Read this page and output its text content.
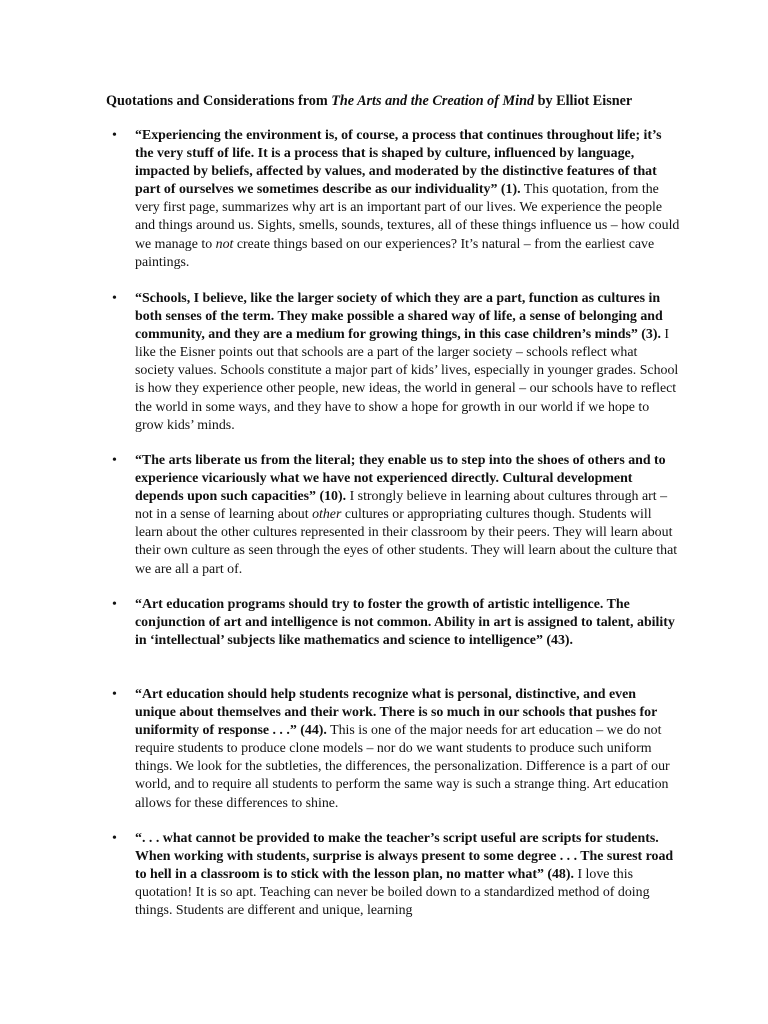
Quotations and Considerations from The Arts and the Creation of Mind by Elliot Eisner
•	“Experiencing the environment is, of course, a process that continues throughout life; it’s the very stuff of life. It is a process that is shaped by culture, influenced by language, impacted by beliefs, affected by values, and moderated by the distinctive features of that part of ourselves we sometimes describe as our individuality” (1). This quotation, from the very first page, summarizes why art is an important part of our lives. We experience the people and things around us. Sights, smells, sounds, textures, all of these things influence us – how could we manage to not create things based on our experiences? It’s natural – from the earliest cave paintings.
•	“Schools, I believe, like the larger society of which they are a part, function as cultures in both senses of the term. They make possible a shared way of life, a sense of belonging and community, and they are a medium for growing things, in this case children’s minds” (3). I like the Eisner points out that schools are a part of the larger society – schools reflect what society values. Schools constitute a major part of kids’ lives, especially in younger grades. School is how they experience other people, new ideas, the world in general – our schools have to reflect the world in some ways, and they have to show a hope for growth in our world if we hope to grow kids’ minds.
•	“The arts liberate us from the literal; they enable us to step into the shoes of others and to experience vicariously what we have not experienced directly. Cultural development depends upon such capacities” (10). I strongly believe in learning about cultures through art – not in a sense of learning about other cultures or appropriating cultures though. Students will learn about the other cultures represented in their classroom by their peers. They will learn about their own culture as seen through the eyes of other students. They will learn about the culture that we are all a part of.
•	“Art education programs should try to foster the growth of artistic intelligence. The conjunction of art and intelligence is not common. Ability in art is assigned to talent, ability in ‘intellectual’ subjects like mathematics and science to intelligence” (43).
•	“Art education should help students recognize what is personal, distinctive, and even unique about themselves and their work. There is so much in our schools that pushes for uniformity of response . . .” (44). This is one of the major needs for art education – we do not require students to produce clone models – nor do we want students to produce such uniform things. We look for the subtleties, the differences, the personalization. Difference is a part of our world, and to require all students to perform the same way is such a strange thing. Art education allows for these differences to shine.
•	“. . . what cannot be provided to make the teacher’s script useful are scripts for students. When working with students, surprise is always present to some degree . . . The surest road to hell in a classroom is to stick with the lesson plan, no matter what” (48). I love this quotation! It is so apt. Teaching can never be boiled down to a standardized method of doing things. Students are different and unique, learning
